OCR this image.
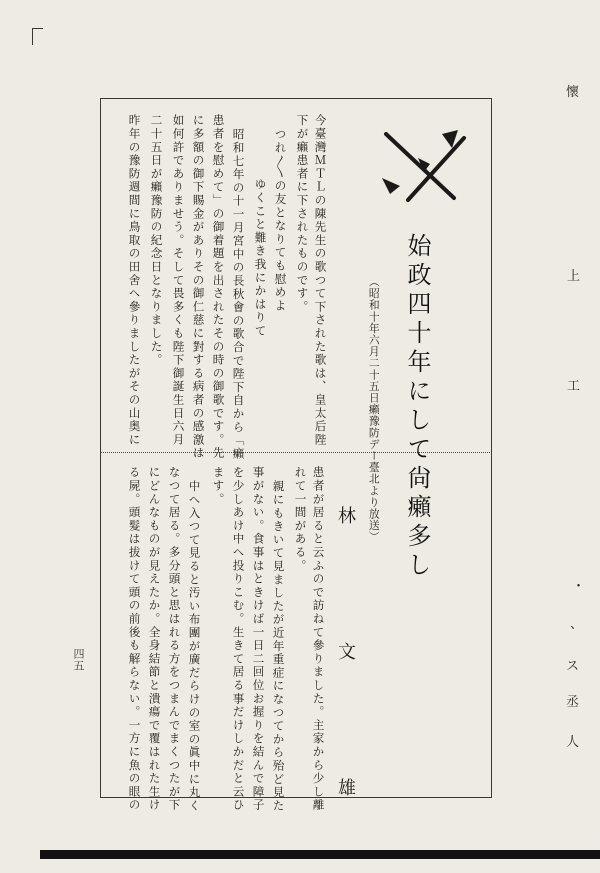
始政四十年にして尙癩多し
（昭和十年六月二十五日癩豫防デー臺北より放送）
林　文　雄
今臺灣ＭＴＬの陳先生の歌つて下された歌は、皇太后陛
下が癩患者に下されたものです。
つれ〳〵の友となりても慰めよ
ゆくこと難き我にかはりて
昭和七年の十一月宮中の長秋會の歌合で陛下自から「癩
患者を慰めて」の御着題を出されたその時の御歌です。先
に多額の御下賜金がありその御仁慈に對する病者の感激は
如何許でありませう。そして畏多くも陛下御誕生日六月
二十五日が癩豫防の紀念日となりました。
昨年の豫防週間に鳥取の田舍へ參りましたがその山奥に
患者が居ると云ふので訪ねて參りました。主家から少し離
れて一間がある。
親にもきいて見ましたが近年重症になつてから殆ど見た
事がない。食事はときけば一日二回位お握りを結んで障子
を少しあけ中へ投りこむ。生きて居る事だけしかだと云ひ
ます。
中へ入つて見ると汚い布團が廣だらけの室の眞中に丸く
なつて居る。多分頭と思はれる方をつまんでまくつたが下
にどんなものが見えたか。全身結節と潰瘍で覆はれた生け
る屍。頭髮は拔けて頭の前後も解らない。一方に魚の眼の
四五
懷
上
工
・
、
ス
丞
人
